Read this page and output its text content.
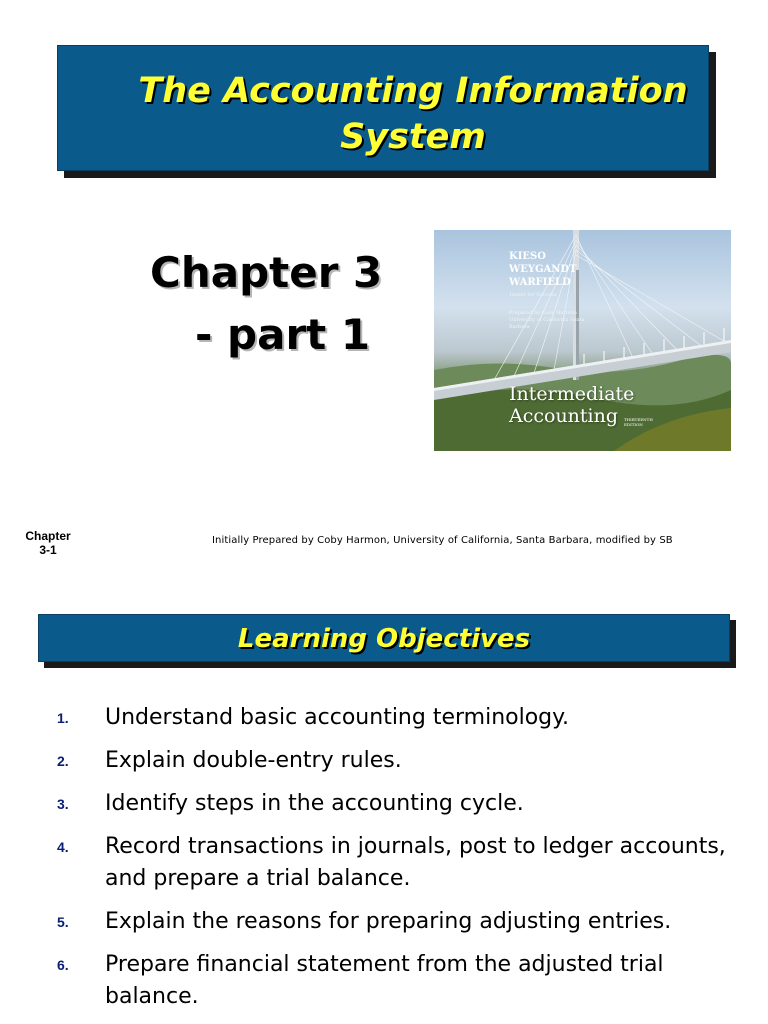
The Accounting Information System
Chapter 3
- part 1
KIESO
WEYGANDT
WARFIELD
Teaser for Success
Prepared by Coby Harmon University of California Santa Barbara
Intermediate
Accounting	THIRTEENTH EDITION
Chapter
3-1
Initially Prepared by Coby Harmon, University of California, Santa Barbara, modified by SB
Learning Objectives
1.	Understand basic accounting terminology.
2.	Explain double-entry rules.
3.	Identify steps in the accounting cycle.
4.	Record transactions in journals, post to ledger accounts, and prepare a trial balance.
5.	Explain the reasons for preparing adjusting entries.
6.	Prepare financial statement from the adjusted trial balance.
